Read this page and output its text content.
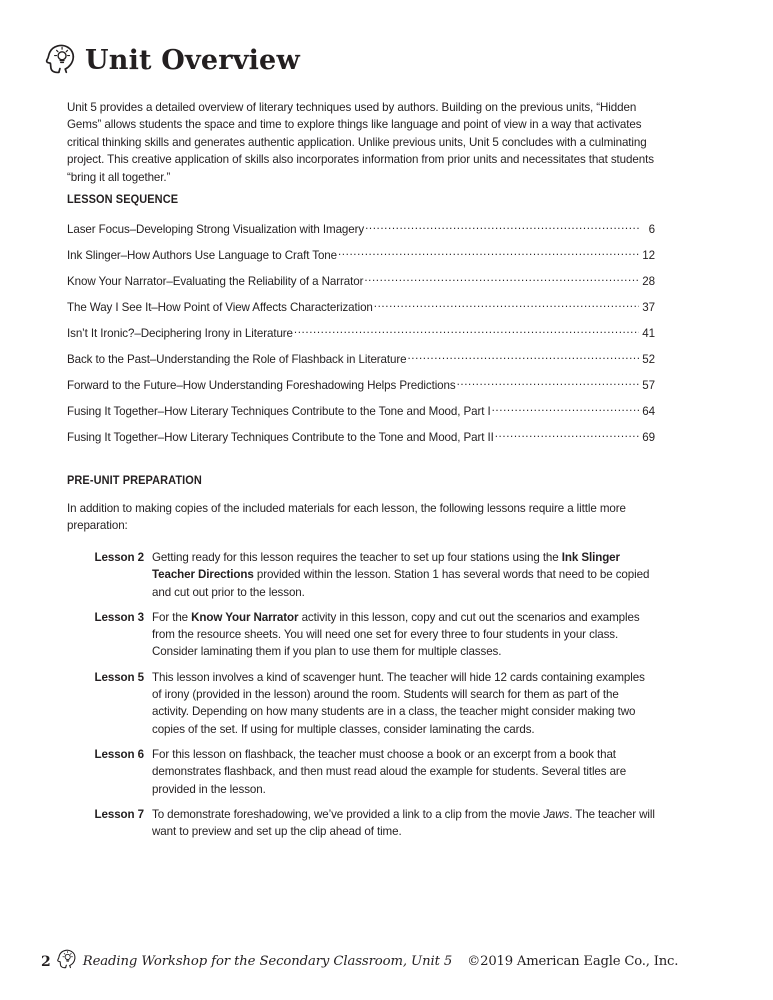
Unit Overview

Unit 5 provides a detailed overview of literary techniques used by authors. Building on the previous units, “Hidden Gems” allows students the space and time to explore things like language and point of view in a way that activates critical thinking skills and generates authentic application. Unlike previous units, Unit 5 concludes with a culminating project. This creative application of skills also incorporates information from prior units and necessitates that students “bring it all together.”

LESSON SEQUENCE
Laser Focus–Developing Strong Visualization with Imagery .....	6
Ink Slinger–How Authors Use Language to Craft Tone .....	12
Know Your Narrator–Evaluating the Reliability of a Narrator .....	28
The Way I See It–How Point of View Affects Characterization .....	37
Isn’t It Ironic?–Deciphering Irony in Literature .....	41
Back to the Past–Understanding the Role of Flashback in Literature .....	52
Forward to the Future–How Understanding Foreshadowing Helps Predictions .....	57
Fusing It Together–How Literary Techniques Contribute to the Tone and Mood, Part I .....	64
Fusing It Together–How Literary Techniques Contribute to the Tone and Mood, Part II .....	69
PRE-UNIT PREPARATION

In addition to making copies of the included materials for each lesson, the following lessons require a little more preparation:

Lesson 2 Getting ready for this lesson requires the teacher to set up four stations using the Ink Slinger Teacher Directions provided within the lesson. Station 1 has several words that need to be copied and cut out prior to the lesson.
Lesson 3 For the Know Your Narrator activity in this lesson, copy and cut out the scenarios and examples from the resource sheets. You will need one set for every three to four students in your class. Consider laminating them if you plan to use them for multiple classes.
Lesson 5 This lesson involves a kind of scavenger hunt. The teacher will hide 12 cards containing examples of irony (provided in the lesson) around the room. Students will search for them as part of the activity. Depending on how many students are in a class, the teacher might consider making two copies of the set. If using for multiple classes, consider laminating the cards.
Lesson 6 For this lesson on flashback, the teacher must choose a book or an excerpt from a book that demonstrates flashback, and then must read aloud the example for students. Several titles are provided in the lesson.
Lesson 7 To demonstrate foreshadowing, we’ve provided a link to a clip from the movie Jaws. The teacher will want to preview and set up the clip ahead of time.
2 Reading Workshop for the Secondary Classroom, Unit 5 ©2019 American Eagle Co., Inc.
